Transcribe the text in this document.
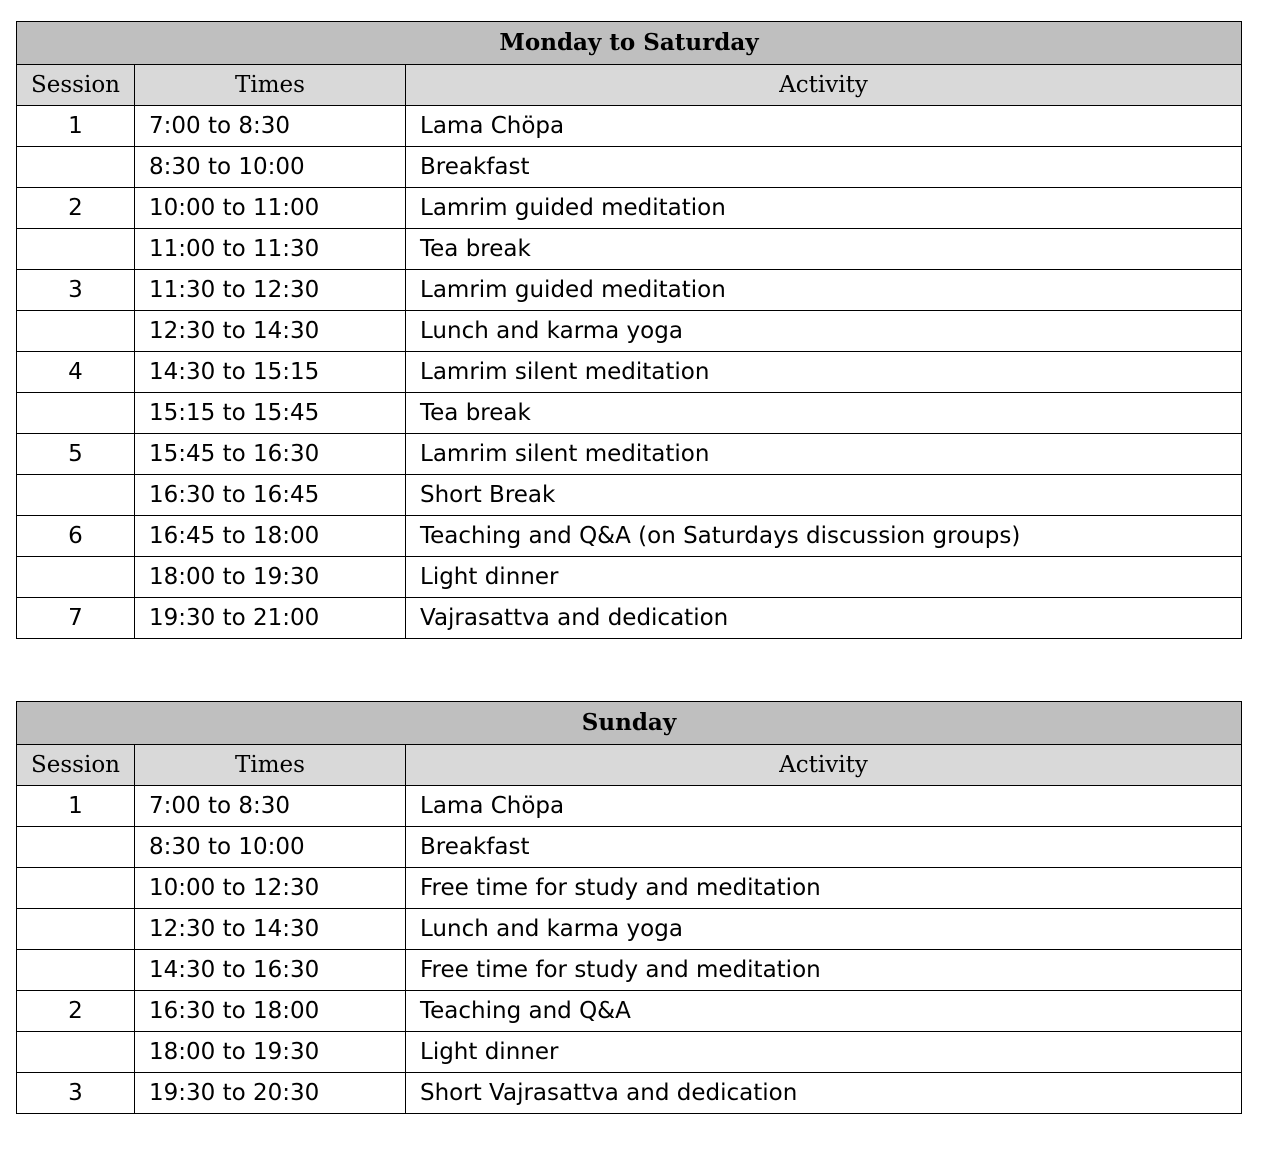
Monday to Saturday		
Session	Times	Activity
1	7:00 to 8:30	Lama Chöpa
	8:30 to 10:00	Breakfast
2	10:00 to 11:00	Lamrim guided meditation
	11:00 to 11:30	Tea break
3	11:30 to 12:30	Lamrim guided meditation
	12:30 to 14:30	Lunch and karma yoga
4	14:30 to 15:15	Lamrim silent meditation
	15:15 to 15:45	Tea break
5	15:45 to 16:30	Lamrim silent meditation
	16:30 to 16:45	Short Break
6	16:45 to 18:00	Teaching and Q&A (on Saturdays discussion groups)
	18:00 to 19:30	Light dinner
7	19:30 to 21:00	Vajrasattva and dedication
Sunday		
Session	Times	Activity
1	7:00 to 8:30	Lama Chöpa
	8:30 to 10:00	Breakfast
	10:00 to 12:30	Free time for study and meditation
	12:30 to 14:30	Lunch and karma yoga
	14:30 to 16:30	Free time for study and meditation
2	16:30 to 18:00	Teaching and Q&A
	18:00 to 19:30	Light dinner
3	19:30 to 20:30	Short Vajrasattva and dedication
